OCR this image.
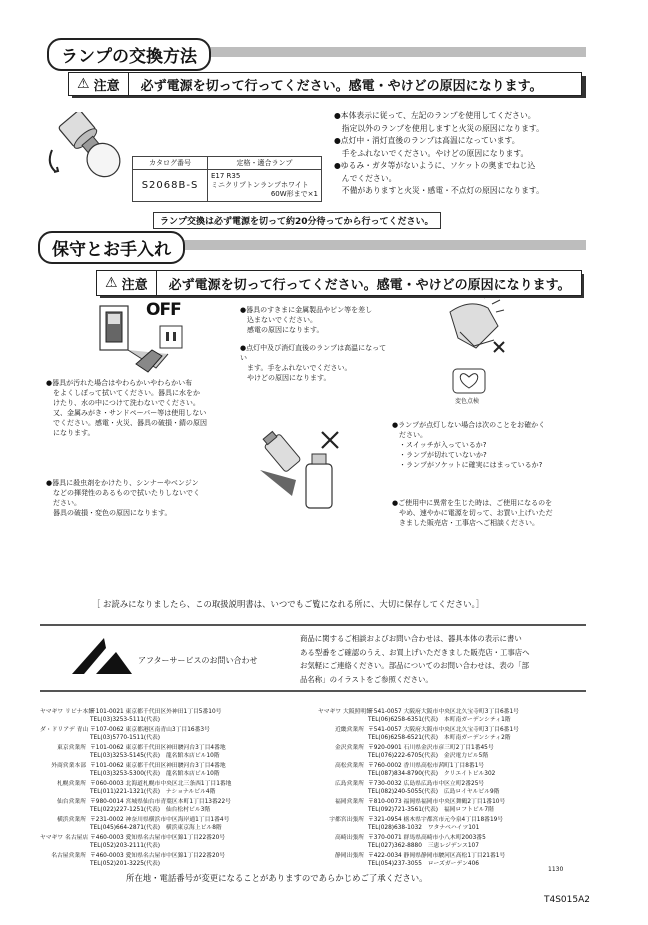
ランプの交換方法
⚠ 注意	必ず電源を切って行ってください。感電・やけどの原因になります。
カタログ番号	定格・適合ランプ
S2068B-S	E17 R35
ミニクリプトンランプホワイト
60W形まで×1
●本体表示に従って、左記のランプを使用してください。
　指定以外のランプを使用しますと火災の原因になります。
●点灯中・消灯直後のランプは高温になっています。
　手をふれないでください。やけどの原因になります。
●ゆるみ・ガタ等がないように、ソケットの奥までねじ込
　んでください。
　不備がありますと火災・感電・不点灯の原因になります。
ランプ交換は必ず電源を切って約20分待ってから行ってください。
保守とお手入れ
⚠ 注意	必ず電源を切って行ってください。感電・やけどの原因になります。
OFF	●器具のすきまに金属製品やピン等を差し
　込まないでください。
　感電の原因になります。
●点灯中及び消灯直後のランプは高温になってい
　ます。手をふれないでください。
　やけどの原因になります。
変色点検
●器具が汚れた場合はやわらかいやわらかい布
　をよくしぼって拭いてください。器具に水をか
　けたり、水の中につけて洗わないでください。
　又、金属みがき・サンドペーパー等は使用しない
　でください。感電・火災、器具の破損・錆の原因
　になります。
●器具に殺虫剤をかけたり、シンナーやベンジン
　などの揮発性のあるもので拭いたりしないでく
　ださい。
　器具の破損・変色の原因になります。
●ランプが点灯しない場合は次のことをお確かく
　ださい。
　・スイッチが入っているか?
　・ランプが切れていないか?
　・ランプがソケットに確実にはまっているか?
●ご使用中に異常を生じた時は、ご使用になるのを
　やめ、速やかに電源を切って、お買い上げいただ
　きました販売店・工事店へご相談ください。
［ お読みになりましたら、この取扱説明書は、いつでもご覧になれる所に、大切に保存してください。］
アフターサービスのお問い合わせ
商品に関するご相談およびお問い合わせは、器具本体の表示に書い
ある型番をご確認のうえ、お買上げいただきました販売店・工事店へ
お気軽にご連絡ください。部品についてのお問い合わせは、表の「部
品名称」のイラストをご参照ください。
ヤマギワ リビナ本館〒101-0021 東京都千代田区外神田1丁目5番10号
TEL(03)3253-5111(代表)
ダ・ドリアデ 青山 〒107-0062 東京都港区南青山3丁目16番3号
TEL(03)5770-1511(代表)
東京営業所 〒101-0062 東京都千代田区神田駿河台3丁目4番地
TEL(03)3253-5145(代表)　龍名館本店ビル10階
外商営業本部 〒101-0062 東京都千代田区神田駿河台3丁目4番地
TEL(03)3253-5300(代表)　龍名館本店ビル10階
札幌営業所 〒060-0003 北海道札幌市中央区北三条西1丁目1番地
TEL(011)221-1321(代表)　ナショナルビル4階
仙台営業所 〒980-0014 宮城県仙台市青葉区本町1丁目13番22号
TEL(022)227-1251(代表)　仙台松村ビル3階
横浜営業所 〒231-0002 神奈川県横浜市中区海岸通1丁目1番4号
TEL(045)664-2871(代表)　横浜東京海上ビル8階
ヤマギワ 名古屋店 〒460-0003 愛知県名古屋市中区錦1丁目22番20号
TEL(052)203-2111(代表)
名古屋営業所 〒460-0003 愛知県名古屋市中区錦1丁目22番20号
TEL(052)201-3225(代表)
ヤマギワ 大阪照明館〒541-0057 大阪府大阪市中央区北久宝寺町3丁目6番1号
TEL(06)6258-6351(代表)　本町南ガーデンシティ1階
近畿営業所 〒541-0057 大阪府大阪市中央区北久宝寺町3丁目6番1号
TEL(06)6258-6521(代表)　本町南ガーデンシティ2階
金沢営業所 〒920-0901 石川県金沢市彦三町2丁目1番45号
TEL(076)222-6705(代表)　金沢電力ビル5階
高松営業所 〒760-0002 香川県高松市茜町1丁目8番1号
TEL(087)834-8790(代表)　クリエイトビル302
広島営業所 〒730-0032 広島県広島市中区立町2番25号
TEL(082)240-5055(代表)　広島ロイヤルビル9階
福岡営業所 〒810-0073 福岡県福岡市中央区舞鶴2丁目1番10号
TEL(092)721-3561(代表)　福岡ロフトビル7階
宇都宮出張所 〒321-0954 栃木県宇都宮市元今泉4丁目18番19号
TEL(028)638-1032　ワタナベハイツ101
高崎出張所 〒370-0071 群馬県高崎市小八木町2003番5
TEL(027)362-8880　三恵レジデンス107
静岡出張所 〒422-0034 静岡県静岡市駿河区高松1丁目21番1号
TEL(054)237-3055　ローズガーデン406
1130
所在地・電話番号が変更になることがありますのであらかじめご了承ください。
T4S015A2
